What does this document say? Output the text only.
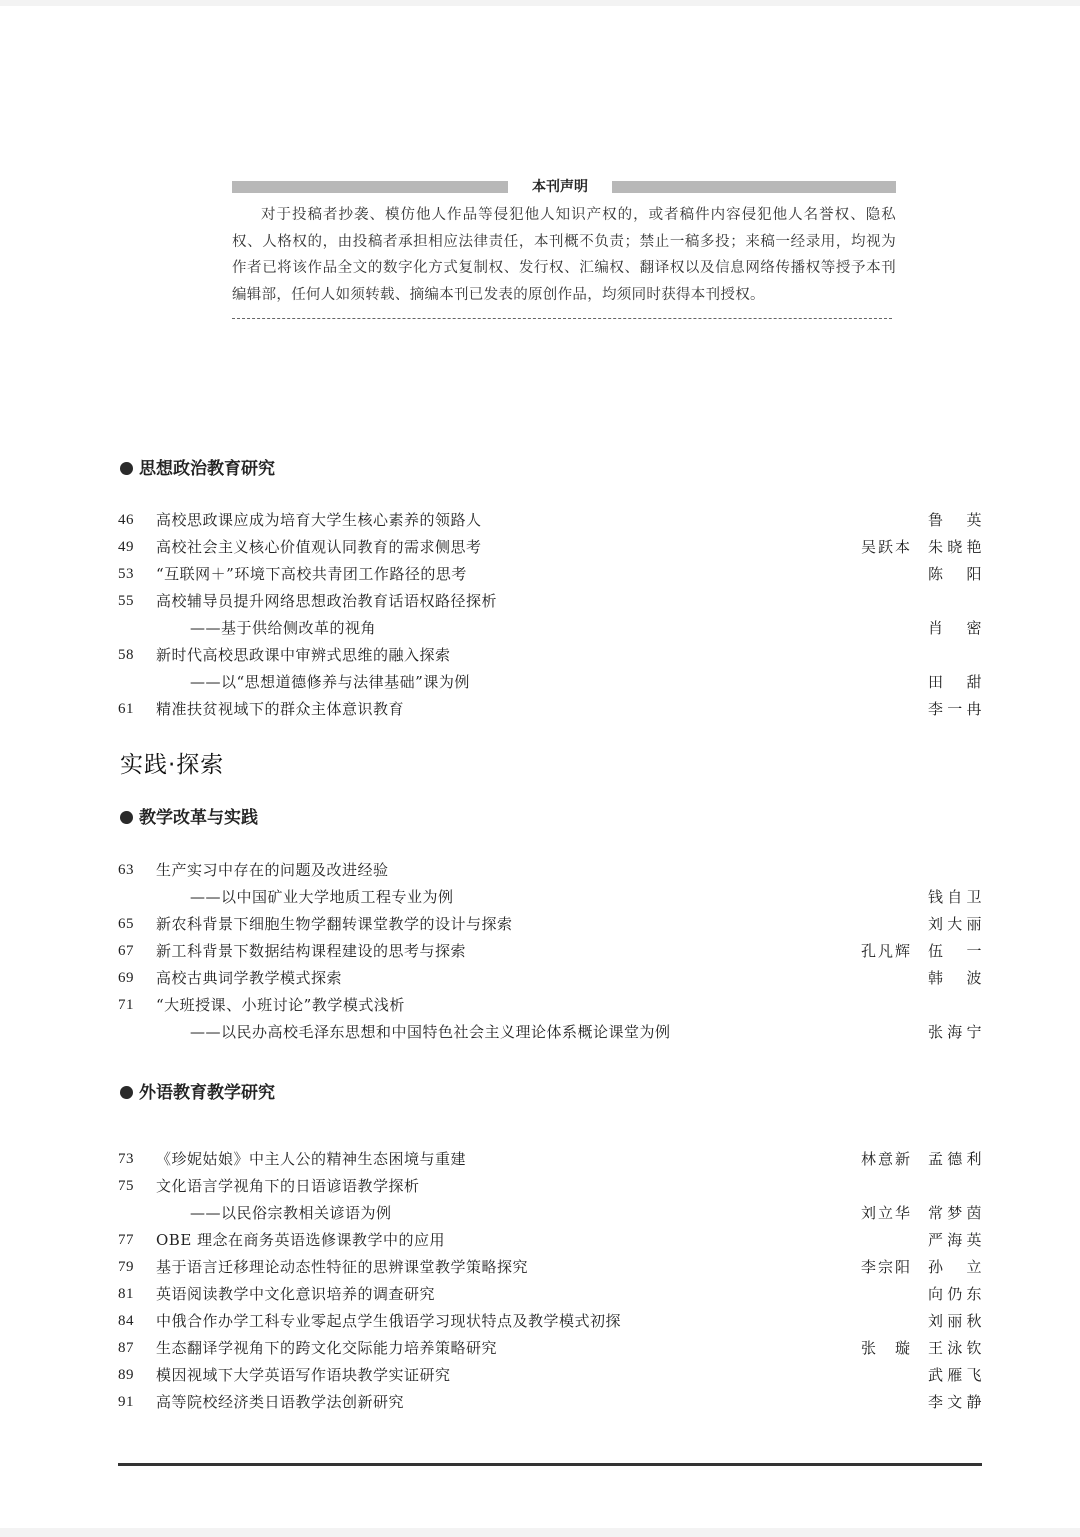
本刊声明
对于投稿者抄袭、模仿他人作品等侵犯他人知识产权的，或者稿件内容侵犯他人名誉权、隐私权、人格权的，由投稿者承担相应法律责任，本刊概不负责；禁止一稿多投；来稿一经录用，均视为作者已将该作品全文的数字化方式复制权、发行权、汇编权、翻译权以及信息网络传播权等授予本刊编辑部，任何人如须转载、摘编本刊已发表的原创作品，均须同时获得本刊授权。
思想政治教育研究
46	高校思政课应成为培育大学生核心素养的领路人	鲁　英
49	高校社会主义核心价值观认同教育的需求侧思考	吴跃本 朱晓艳
53	“互联网＋”环境下高校共青团工作路径的思考	陈　阳
55	高校辅导员提升网络思想政治教育话语权路径探析
——基于供给侧改革的视角	肖　密
58	新时代高校思政课中审辨式思维的融入探索
——以“思想道德修养与法律基础”课为例	田　甜
61	精准扶贫视域下的群众主体意识教育	李一冉
实践·探索
教学改革与实践
63	生产实习中存在的问题及改进经验
——以中国矿业大学地质工程专业为例	钱自卫
65	新农科背景下细胞生物学翻转课堂教学的设计与探索	刘大丽
67	新工科背景下数据结构课程建设的思考与探索	孔凡辉 伍　一
69	高校古典词学教学模式探索	韩　波
71	“大班授课、小班讨论”教学模式浅析
——以民办高校毛泽东思想和中国特色社会主义理论体系概论课堂为例	张海宁
外语教育教学研究
73	《珍妮姑娘》中主人公的精神生态困境与重建	林意新 孟德利
75	文化语言学视角下的日语谚语教学探析
——以民俗宗教相关谚语为例	刘立华 常梦茵
77	OBE 理念在商务英语选修课教学中的应用	严海英
79	基于语言迁移理论动态性特征的思辨课堂教学策略探究	李宗阳 孙　立
81	英语阅读教学中文化意识培养的调查研究	向仍东
84	中俄合作办学工科专业零起点学生俄语学习现状特点及教学模式初探	刘丽秋
87	生态翻译学视角下的跨文化交际能力培养策略研究	张　璇 王泳钦
89	模因视域下大学英语写作语块教学实证研究	武雁飞
91	高等院校经济类日语教学法创新研究	李文静
